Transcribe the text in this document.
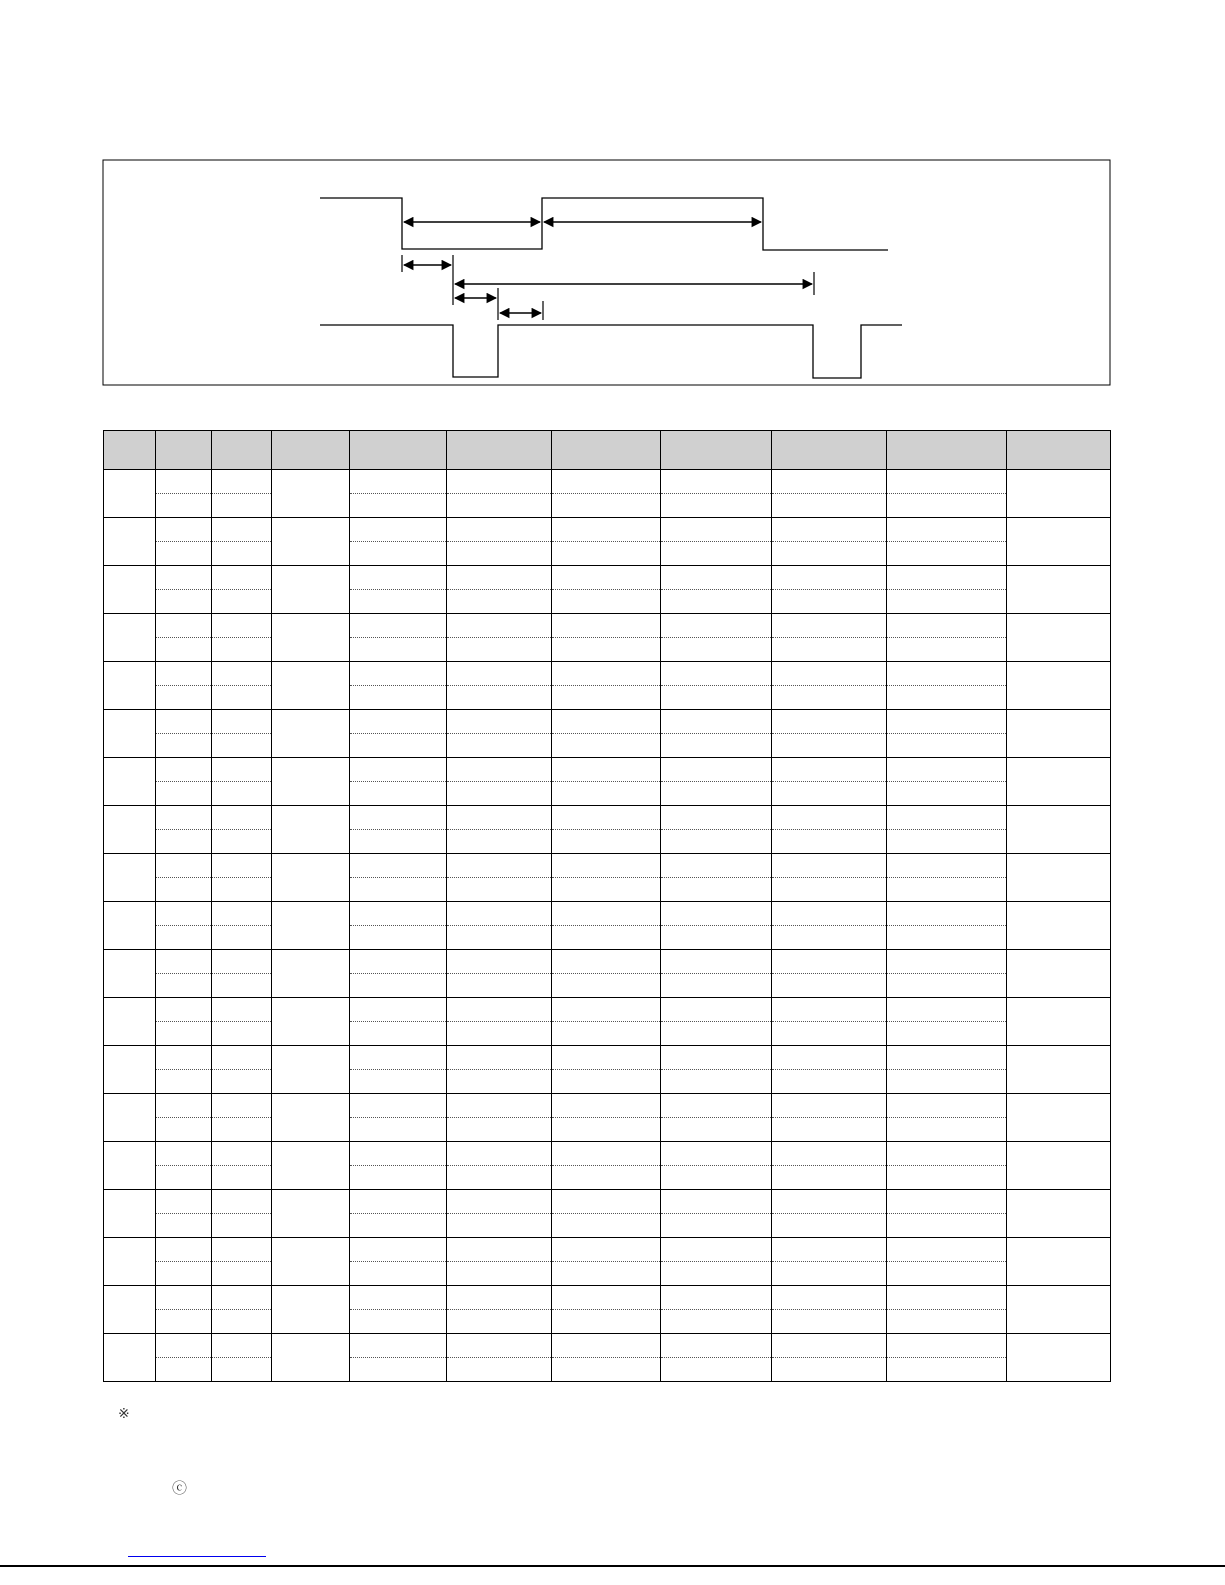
※
ⓒ
